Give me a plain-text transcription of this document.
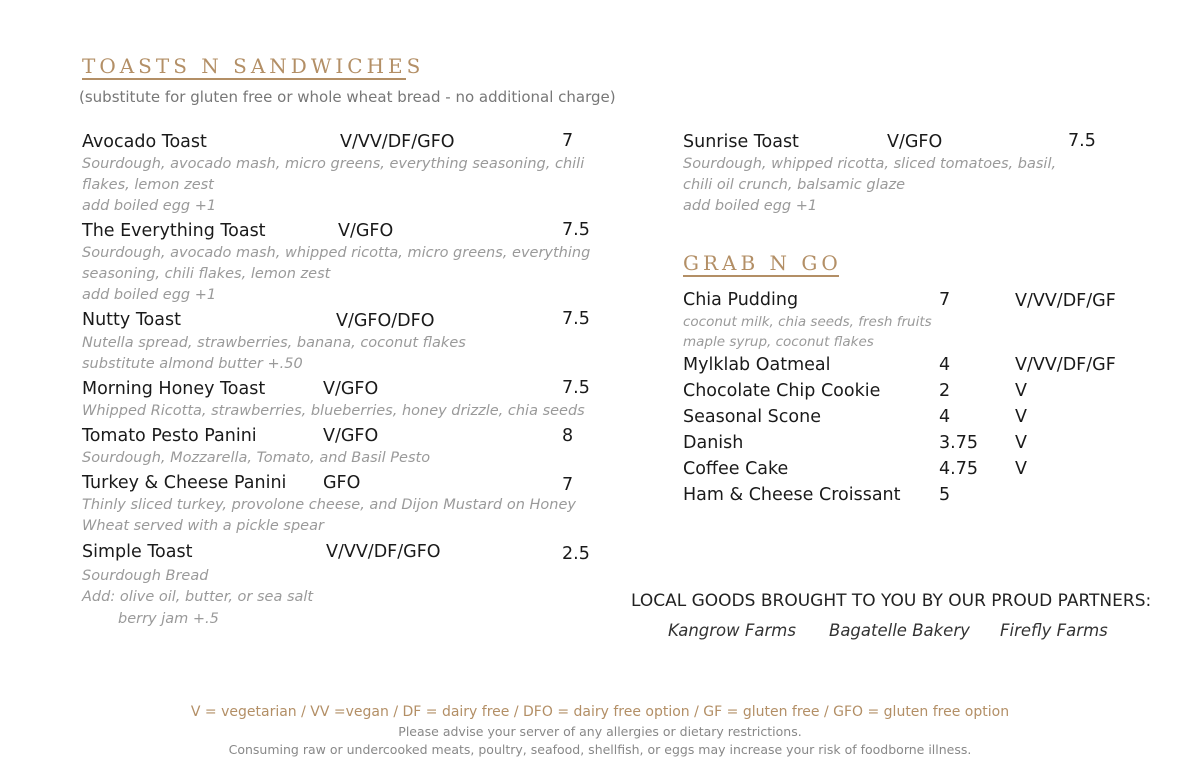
TOASTS N SANDWICHES
(substitute for gluten free or whole wheat bread - no additional charge)
Avocado Toast	V/VV/DF/GFO	7
Sourdough, avocado mash, micro greens, everything seasoning, chili
flakes, lemon zest
add boiled egg +1
The Everything Toast	V/GFO	7.5
Sourdough, avocado mash, whipped ricotta, micro greens, everything
seasoning, chili flakes, lemon zest
add boiled egg +1
Nutty Toast	V/GFO/DFO	7.5
Nutella spread, strawberries, banana, coconut flakes
substitute almond butter +.50
Morning Honey Toast	V/GFO	7.5
Whipped Ricotta, strawberries, blueberries, honey drizzle, chia seeds
Tomato Pesto Panini	V/GFO	8
Sourdough, Mozzarella, Tomato, and Basil Pesto
Turkey & Cheese Panini GFO	7
Thinly sliced turkey, provolone cheese, and Dijon Mustard on Honey
Wheat served with a pickle spear
Simple Toast	V/VV/DF/GFO	2.5
Sourdough Bread
Add: olive oil, butter, or sea salt
berry jam +.5
Sunrise Toast	V/GFO	7.5
Sourdough, whipped ricotta, sliced tomatoes, basil,
chili oil crunch, balsamic glaze
add boiled egg +1
GRAB N GO
Chia Pudding	7	V/VV/DF/GF
coconut milk, chia seeds, fresh fruits
maple syrup, coconut flakes
Mylklab Oatmeal	4	V/VV/DF/GF
Chocolate Chip Cookie	2	V
Seasonal Scone	4	V
Danish	3.75 V
Coffee Cake	4.75 V
Ham & Cheese Croissant 5
LOCAL GOODS BROUGHT TO YOU BY OUR PROUD PARTNERS:
Kangrow Farms Bagatelle Bakery Firefly Farms
V = vegetarian / VV =vegan / DF = dairy free / DFO = dairy free option / GF = gluten free / GFO = gluten free option
Please advise your server of any allergies or dietary restrictions.
Consuming raw or undercooked meats, poultry, seafood, shellfish, or eggs may increase your risk of foodborne illness.
